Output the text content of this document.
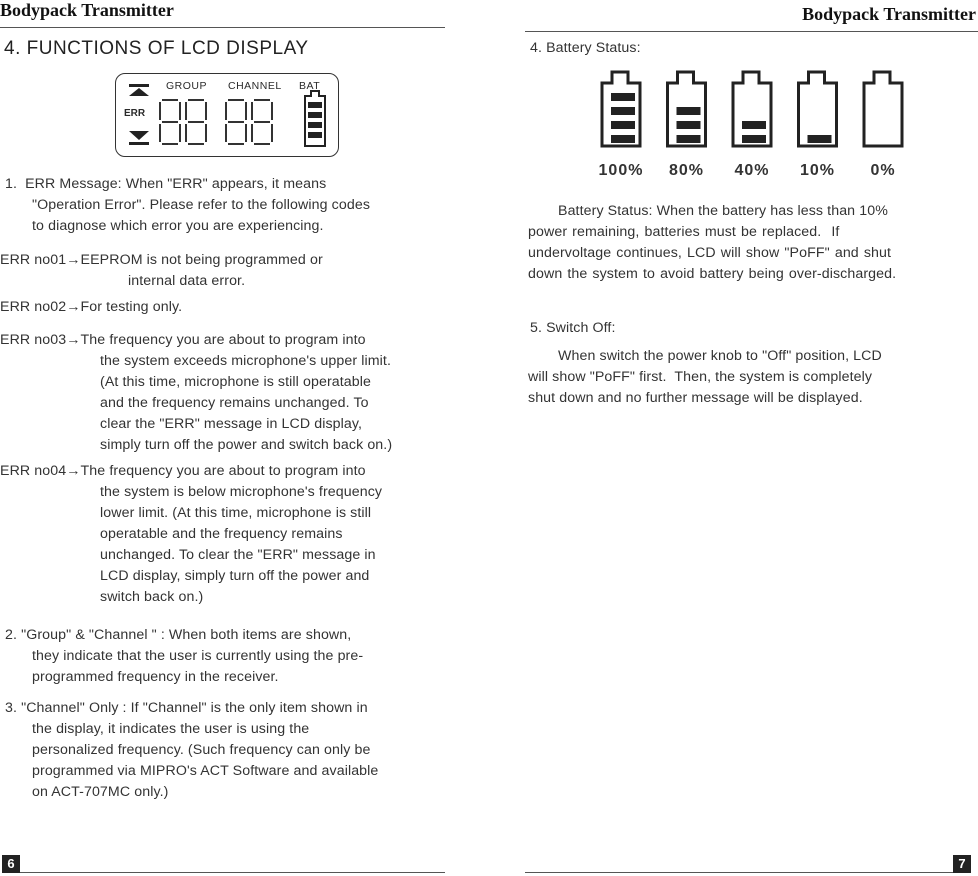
Bodypack Transmitter
4. FUNCTIONS OF LCD DISPLAY
ERR
GROUP CHANNEL BAT
1.  ERR Message: When "ERR" appears, it means
"Operation Error". Please refer to the following codes
to diagnose which error you are experiencing.
ERR no01→EEPROM is not being programmed or
internal data error.
ERR no02→For testing only.
ERR no03→The frequency you are about to program into
the system exceeds microphone's upper limit.
(At this time, microphone is still operatable
and the frequency remains unchanged. To
clear the "ERR" message in LCD display,
simply turn off the power and switch back on.)
ERR no04→The frequency you are about to program into
the system is below microphone's frequency
lower limit. (At this time, microphone is still
operatable and the frequency remains
unchanged. To clear the "ERR" message in
LCD display, simply turn off the power and
switch back on.)
2. "Group" & "Channel " : When both items are shown,
they indicate that the user is currently using the pre-
programmed frequency in the receiver.
3. "Channel" Only : If "Channel" is the only item shown in
the display, it indicates the user is using the
personalized frequency. (Such frequency can only be
programmed via MIPRO's ACT Software and available
on ACT-707MC only.)
6
Bodypack Transmitter
4. Battery Status:
100%	80%	40%	10%	0%
Battery Status: When the battery has less than 10%
power remaining, batteries must be replaced.  If
undervoltage continues, LCD will show "PoFF" and shut
down the system to avoid battery being over-discharged.
5. Switch Off:
When switch the power knob to "Off" position, LCD
will show "PoFF" first.  Then, the system is completely
shut down and no further message will be displayed.
7
